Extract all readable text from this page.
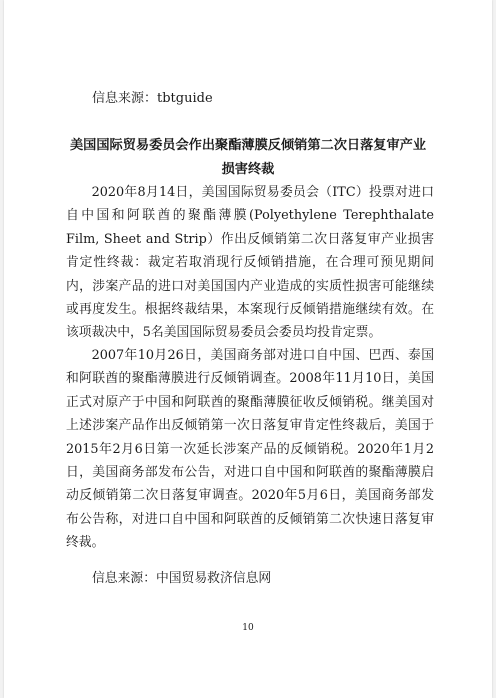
信息来源：tbtguide
美国国际贸易委员会作出聚酯薄膜反倾销第二次日落复审产业损害终裁

2020年8月14日，美国国际贸易委员会（ITC）投票对进口自中国和阿联酋的聚酯薄膜(Polyethylene Terephthalate Film, Sheet and Strip）作出反倾销第二次日落复审产业损害肯定性终裁：裁定若取消现行反倾销措施，在合理可预见期间内，涉案产品的进口对美国国内产业造成的实质性损害可能继续或再度发生。根据终裁结果，本案现行反倾销措施继续有效。在该项裁决中，5名美国国际贸易委员会委员均投肯定票。

2007年10月26日，美国商务部对进口自中国、巴西、泰国和阿联酋的聚酯薄膜进行反倾销调查。2008年11月10日，美国正式对原产于中国和阿联酋的聚酯薄膜征收反倾销税。继美国对上述涉案产品作出反倾销第一次日落复审肯定性终裁后，美国于2015年2月6日第一次延长涉案产品的反倾销税。2020年1月2日，美国商务部发布公告，对进口自中国和阿联酋的聚酯薄膜启动反倾销第二次日落复审调查。2020年5月6日，美国商务部发布公告称，对进口自中国和阿联酋的反倾销第二次快速日落复审终裁。

信息来源：中国贸易救济信息网
10
